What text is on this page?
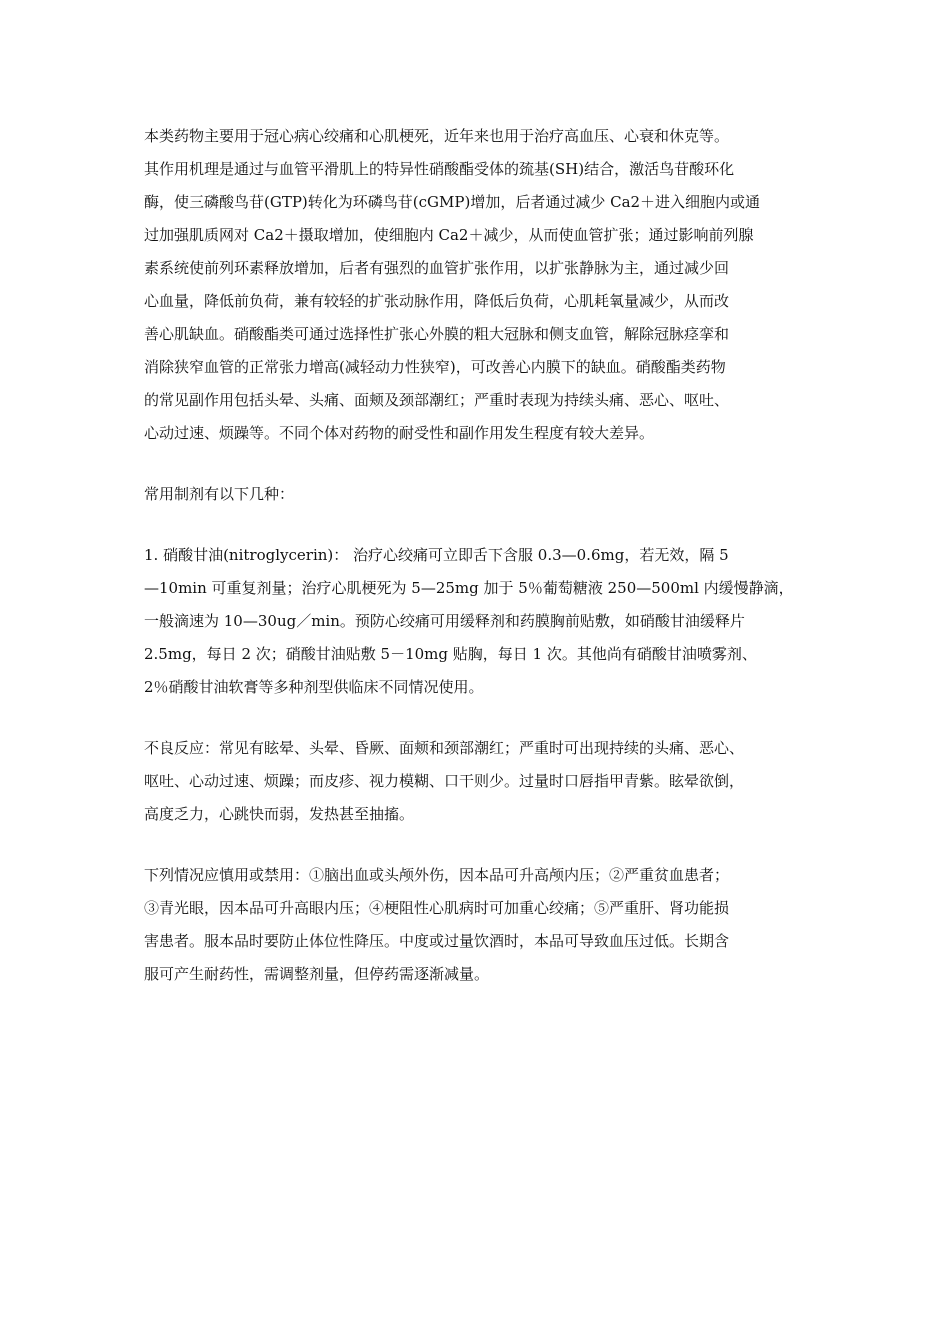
本类药物主要用于冠心病心绞痛和心肌梗死，近年来也用于治疗高血压、心衰和休克等。
其作用机理是通过与血管平滑肌上的特异性硝酸酯受体的巯基(SH)结合，激活鸟苷酸环化
酶，使三磷酸鸟苷(GTP)转化为环磷鸟苷(cGMP)增加，后者通过减少 Ca2＋进入细胞内或通
过加强肌质网对 Ca2＋摄取增加，使细胞内 Ca2＋减少，从而使血管扩张；通过影响前列腺
素系统使前列环素释放增加，后者有强烈的血管扩张作用，以扩张静脉为主，通过减少回
心血量，降低前负荷，兼有较轻的扩张动脉作用，降低后负荷，心肌耗氧量减少，从而改
善心肌缺血。硝酸酯类可通过选择性扩张心外膜的粗大冠脉和侧支血管，解除冠脉痉挛和
消除狭窄血管的正常张力增高(减轻动力性狭窄)，可改善心内膜下的缺血。硝酸酯类药物
的常见副作用包括头晕、头痛、面颊及颈部潮红；严重时表现为持续头痛、恶心、呕吐、
心动过速、烦躁等。不同个体对药物的耐受性和副作用发生程度有较大差异。

常用制剂有以下几种：

1. 硝酸甘油(nitroglycerin)： 治疗心绞痛可立即舌下含服 0.3—0.6mg，若无效，隔 5
—10min 可重复剂量；治疗心肌梗死为 5—25mg 加于 5％葡萄糖液 250—500ml 内缓慢静滴，
一般滴速为 10—30ug／min。预防心绞痛可用缓释剂和药膜胸前贴敷，如硝酸甘油缓释片
2.5mg，每日 2 次；硝酸甘油贴敷 5－10mg 贴胸，每日 1 次。其他尚有硝酸甘油喷雾剂、
2％硝酸甘油软膏等多种剂型供临床不同情况使用。

不良反应：常见有眩晕、头晕、昏厥、面颊和颈部潮红；严重时可出现持续的头痛、恶心、
呕吐、心动过速、烦躁；而皮疹、视力模糊、口干则少。过量时口唇指甲青紫。眩晕欲倒，
高度乏力，心跳快而弱，发热甚至抽搐。

下列情况应慎用或禁用：①脑出血或头颅外伤，因本品可升高颅内压；②严重贫血患者；
③青光眼，因本品可升高眼内压；④梗阻性心肌病时可加重心绞痛；⑤严重肝、肾功能损
害患者。服本品时要防止体位性降压。中度或过量饮酒时，本品可导致血压过低。长期含
服可产生耐药性，需调整剂量，但停药需逐渐减量。
